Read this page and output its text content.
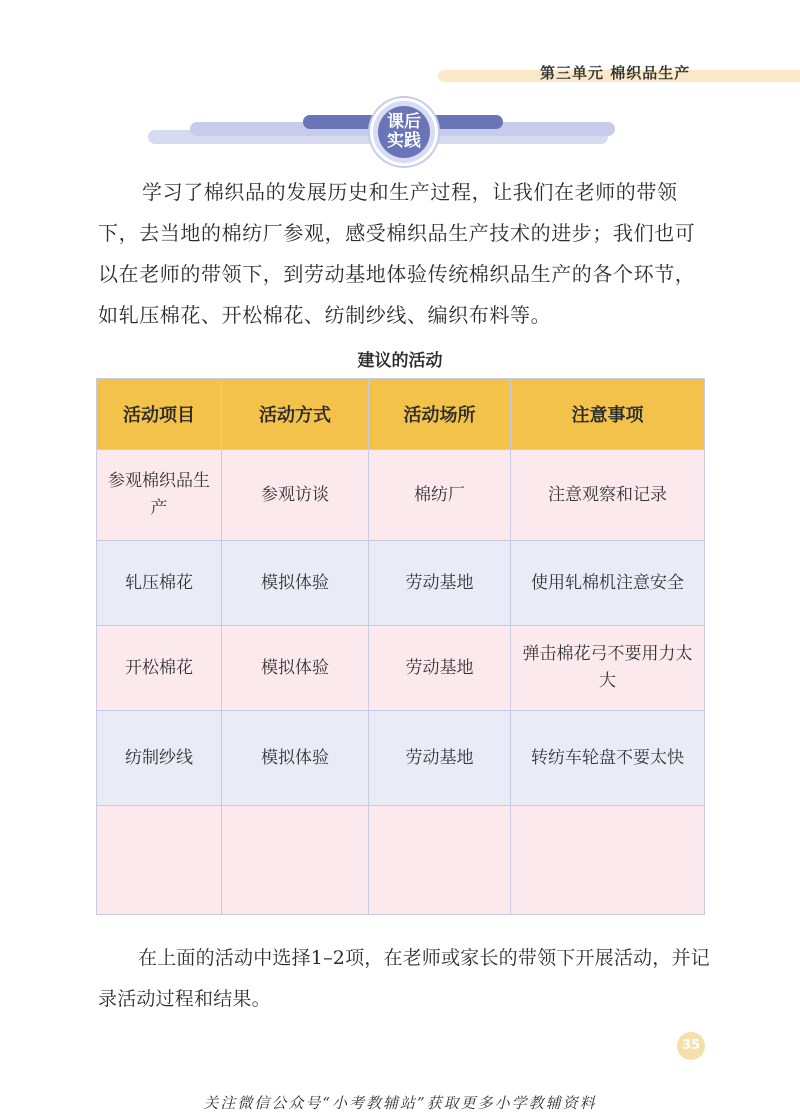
第三单元 棉织品生产
课后
实践

学习了棉织品的发展历史和生产过程，让我们在老师的带领下，去当地的棉纺厂参观，感受棉织品生产技术的进步；我们也可以在老师的带领下，到劳动基地体验传统棉织品生产的各个环节，如轧压棉花、开松棉花、纺制纱线、编织布料等。

建议的活动
活动项目	活动方式	活动场所	注意事项
参观棉织品生产	参观访谈	棉纺厂	注意观察和记录
轧压棉花	模拟体验	劳动基地	使用轧棉机注意安全
开松棉花	模拟体验	劳动基地	弹击棉花弓不要用力太大
纺制纱线	模拟体验	劳动基地	转纺车轮盘不要太快

在上面的活动中选择1–2项，在老师或家长的带领下开展活动，并记录活动过程和结果。

35
关注微信公众号“小考教辅站”获取更多小学教辅资料
